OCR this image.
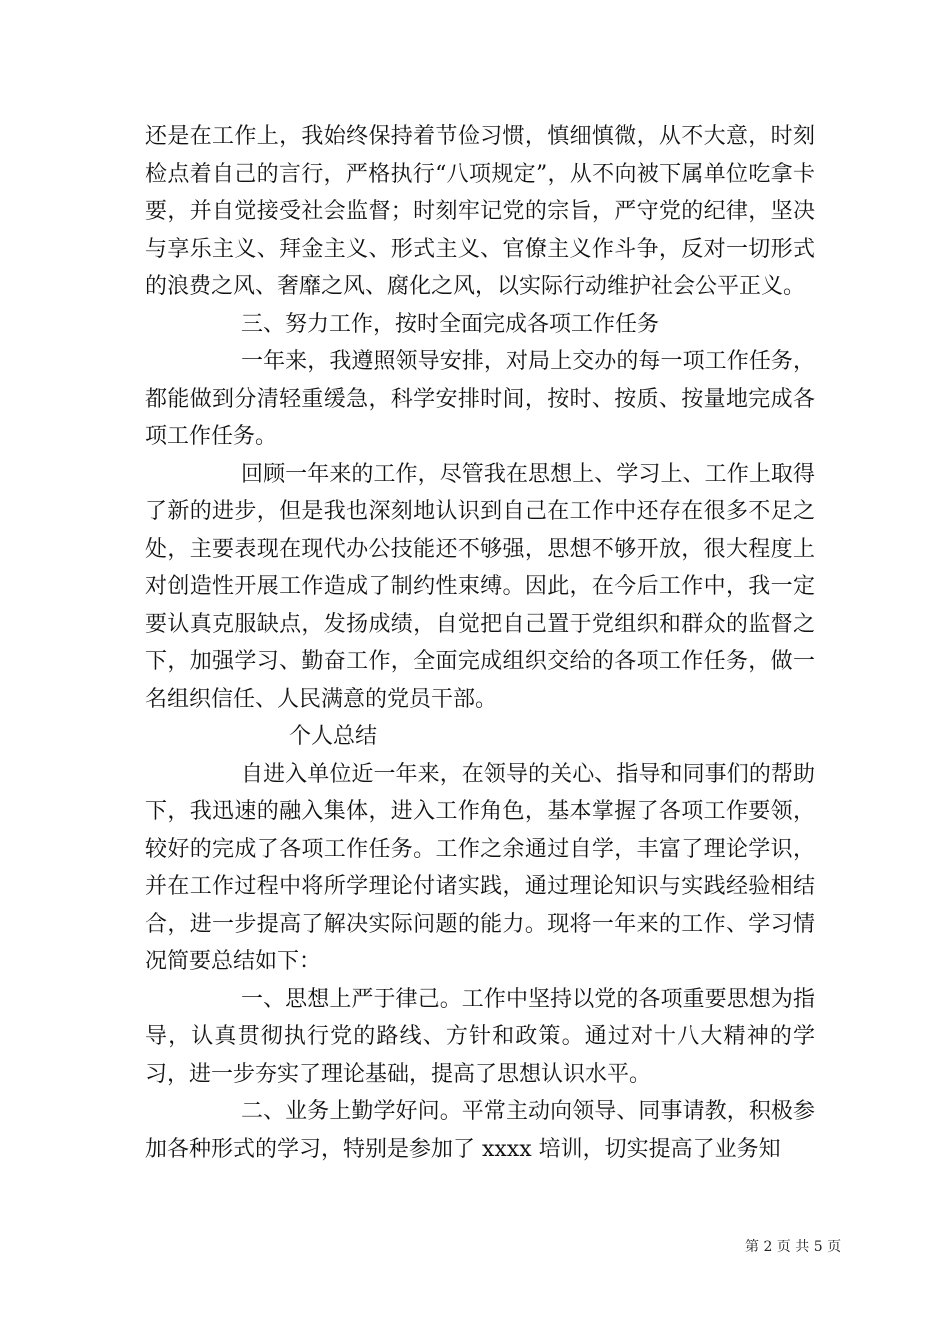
还是在工作上，我始终保持着节俭习惯，慎细慎微，从不大意，时刻检点着自己的言行，严格执行“八项规定”，从不向被下属单位吃拿卡要，并自觉接受社会监督；时刻牢记党的宗旨，严守党的纪律，坚决与享乐主义、拜金主义、形式主义、官僚主义作斗争，反对一切形式的浪费之风、奢靡之风、腐化之风，以实际行动维护社会公平正义。

三、努力工作，按时全面完成各项工作任务

一年来，我遵照领导安排，对局上交办的每一项工作任务，都能做到分清轻重缓急，科学安排时间，按时、按质、按量地完成各项工作任务。

回顾一年来的工作，尽管我在思想上、学习上、工作上取得了新的进步，但是我也深刻地认识到自己在工作中还存在很多不足之处，主要表现在现代办公技能还不够强，思想不够开放，很大程度上对创造性开展工作造成了制约性束缚。因此，在今后工作中，我一定要认真克服缺点，发扬成绩，自觉把自己置于党组织和群众的监督之下，加强学习、勤奋工作，全面完成组织交给的各项工作任务，做一名组织信任、人民满意的党员干部。

个人总结

自进入单位近一年来，在领导的关心、指导和同事们的帮助下，我迅速的融入集体，进入工作角色，基本掌握了各项工作要领，较好的完成了各项工作任务。工作之余通过自学，丰富了理论学识，并在工作过程中将所学理论付诸实践，通过理论知识与实践经验相结合，进一步提高了解决实际问题的能力。现将一年来的工作、学习情况简要总结如下：

一、思想上严于律己。工作中坚持以党的各项重要思想为指导，认真贯彻执行党的路线、方针和政策。通过对十八大精神的学习，进一步夯实了理论基础，提高了思想认识水平。

二、业务上勤学好问。平常主动向领导、同事请教，积极参加各种形式的学习，特别是参加了 xxxx 培训，切实提高了业务知

第 2 页 共 5 页
